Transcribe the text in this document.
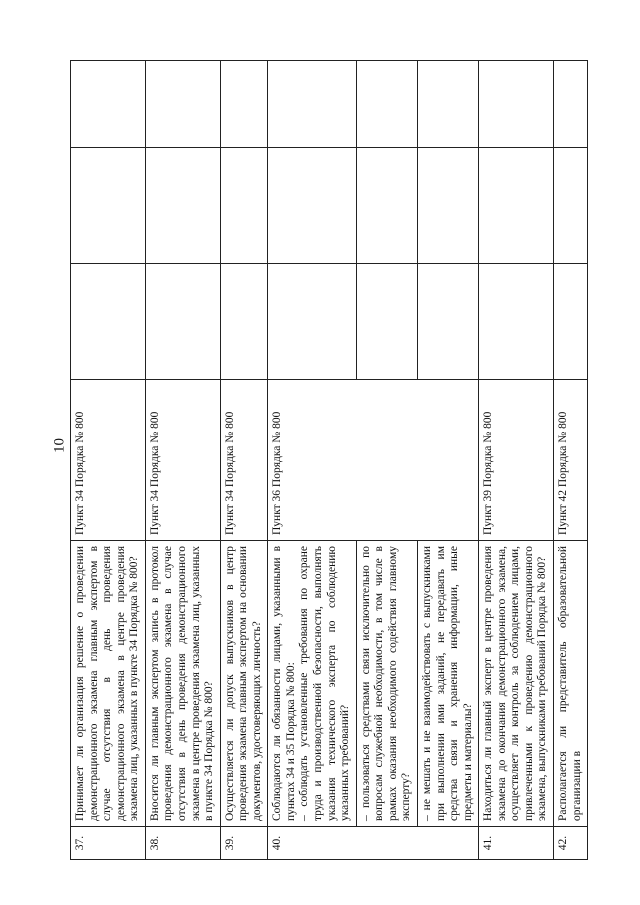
10
37.	Принимает ли организация решение о проведении демонстрационного экзамена главным экспертом в случае отсутствия в день проведения демонстрационного экзамена в центре проведения экзамена лиц, указанных в пункте 34 Порядка № 800?	Пункт 34 Порядка № 800			
38.	Вносится ли главным экспертом запись в протокол проведения демонстрационного экзамена в случае отсутствия в день проведения демонстрационного экзамена в центре проведения экзамена лиц, указанных в пункте 34 Порядка № 800?	Пункт 34 Порядка № 800			
39.	Осуществляется ли допуск выпускников в центр проведения экзамена главным экспертом на основании документов, удостоверяющих личность?	Пункт 34 Порядка № 800			
40.	Соблюдаются ли обязанности лицами, указанными в пунктах 34 и 35 Порядка № 800: – соблюдать установленные требования по охране труда и производственной безопасности, выполнять указания технического эксперта по соблюдению указанных требований?	Пункт 36 Порядка № 800			
	– пользоваться средствами связи исключительно по вопросам служебной необходимости, в том числе в рамках оказания необходимого содействия главному эксперту?				
	– не мешать и не взаимодействовать с выпускниками при выполнении ими заданий, не передавать им средства связи и хранения информации, иные предметы и материалы?				
41.	Находиться ли главный эксперт в центре проведения экзамена до окончания демонстрационного экзамена, осуществляет ли контроль за соблюдением лицами, привлеченными к проведению демонстрационного экзамена, выпускниками требований Порядка № 800?	Пункт 39 Порядка № 800			
42.	Располагается ли представитель образовательной организации в	Пункт 42 Порядка № 800			
